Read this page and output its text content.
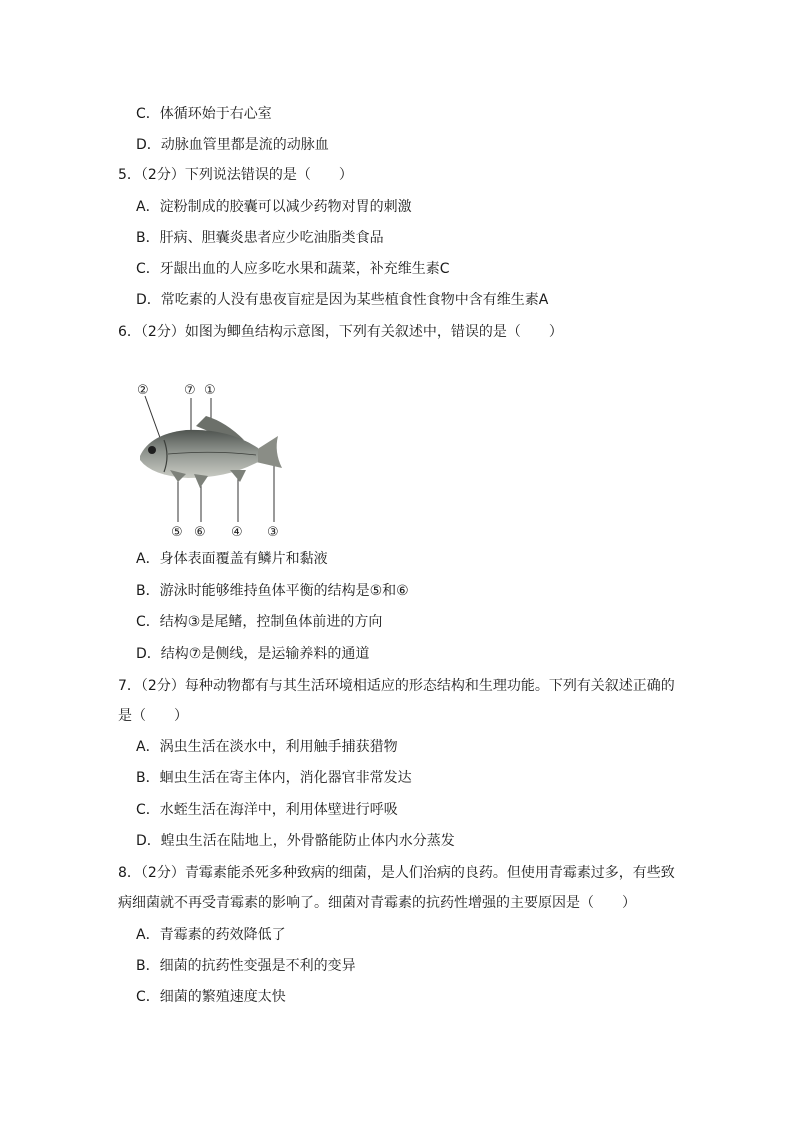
C．体循环始于右心室
D．动脉血管里都是流的动脉血
5．（2分）下列说法错误的是（　　）
A．淀粉制成的胶囊可以减少药物对胃的刺激
B．肝病、胆囊炎患者应少吃油脂类食品
C．牙龈出血的人应多吃水果和蔬菜，补充维生素C
D．常吃素的人没有患夜盲症是因为某些植食性食物中含有维生素A
6．（2分）如图为鲫鱼结构示意图，下列有关叙述中，错误的是（　　）
②	⑦ ①
⑤ ⑥ ④ ③
A．身体表面覆盖有鳞片和黏液
B．游泳时能够维持鱼体平衡的结构是⑤和⑥
C．结构③是尾鳍，控制鱼体前进的方向
D．结构⑦是侧线，是运输养料的通道
7．（2分）每种动物都有与其生活环境相适应的形态结构和生理功能。下列有关叙述正确的
是（　　）
A．涡虫生活在淡水中，利用触手捕获猎物
B．蛔虫生活在寄主体内，消化器官非常发达
C．水蛭生活在海洋中，利用体壁进行呼吸
D．蝗虫生活在陆地上，外骨骼能防止体内水分蒸发
8．（2分）青霉素能杀死多种致病的细菌，是人们治病的良药。但使用青霉素过多，有些致
病细菌就不再受青霉素的影响了。细菌对青霉素的抗药性增强的主要原因是（　　）
A．青霉素的药效降低了
B．细菌的抗药性变强是不利的变异
C．细菌的繁殖速度太快
